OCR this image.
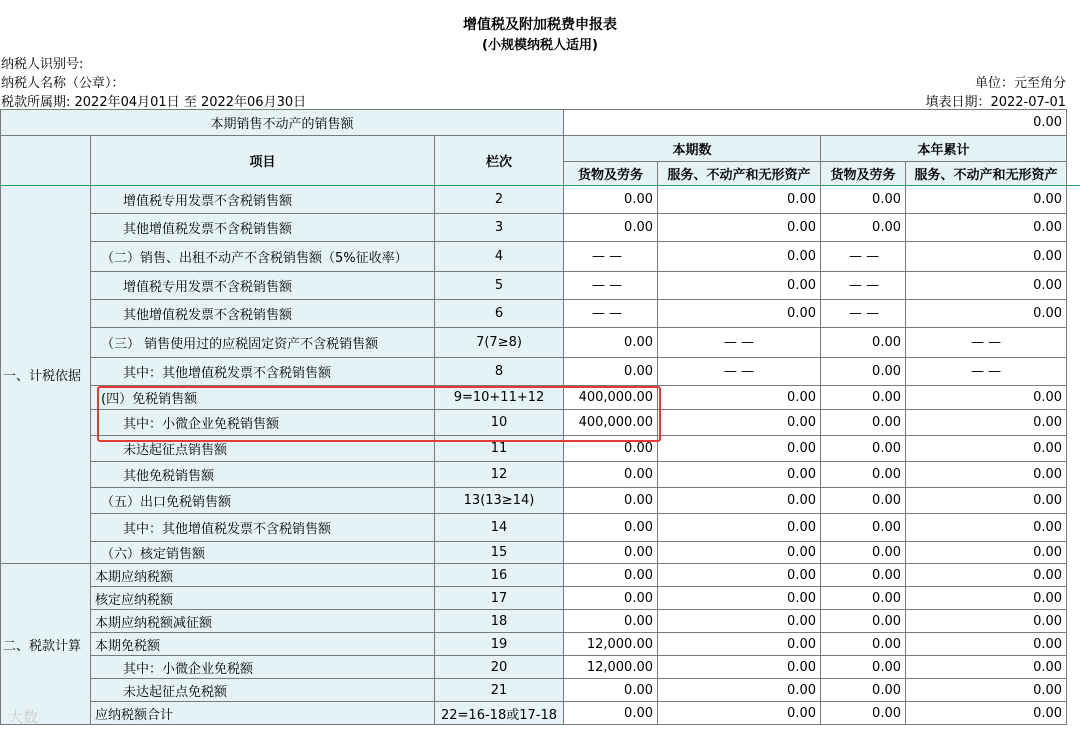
增值税及附加税费申报表
(小规模纳税人适用)
纳税人识别号:
纳税人名称（公章）：	单位：元至角分
税款所属期: 2022年04月01日 至 2022年06月30日	填表日期：2022-07-01
本期销售不动产的销售额			0.00			
	项目	栏次	本期数		本年累计	
			货物及劳务	服务、不动产和无形资产	货物及劳务	服务、不动产和无形资产
一、计税依据	增值税专用发票不含税销售额	2	0.00	0.00	0.00	0.00
	其他增值税发票不含税销售额	3	0.00	0.00	0.00	0.00
	（二）销售、出租不动产不含税销售额（5%征收率）	4	— —	0.00	— —	0.00
	增值税专用发票不含税销售额	5	— —	0.00	— —	0.00
	其他增值税发票不含税销售额	6	— —	0.00	— —	0.00
	（三） 销售使用过的应税固定资产不含税销售额	7(7≥8)	0.00	— —	0.00	— —
	其中：其他增值税发票不含税销售额	8	0.00	— —	0.00	— —
	(四）免税销售额	9=10+11+12	400,000.00	0.00	0.00	0.00
	其中：小微企业免税销售额	10	400,000.00	0.00	0.00	0.00
	未达起征点销售额	11	0.00	0.00	0.00	0.00
	其他免税销售额	12	0.00	0.00	0.00	0.00
	（五）出口免税销售额	13(13≥14)	0.00	0.00	0.00	0.00
	其中：其他增值税发票不含税销售额	14	0.00	0.00	0.00	0.00
	（六）核定销售额	15	0.00	0.00	0.00	0.00
二、税款计算	本期应纳税额	16	0.00	0.00	0.00	0.00
	核定应纳税额	17	0.00	0.00	0.00	0.00
	本期应纳税额减征额	18	0.00	0.00	0.00	0.00
	本期免税额	19	12,000.00	0.00	0.00	0.00
	其中：小微企业免税额	20	12,000.00	0.00	0.00	0.00
	未达起征点免税额	21	0.00	0.00	0.00	0.00
	应纳税额合计	22=16-18或17-18	0.00	0.00	0.00	0.00
大数
